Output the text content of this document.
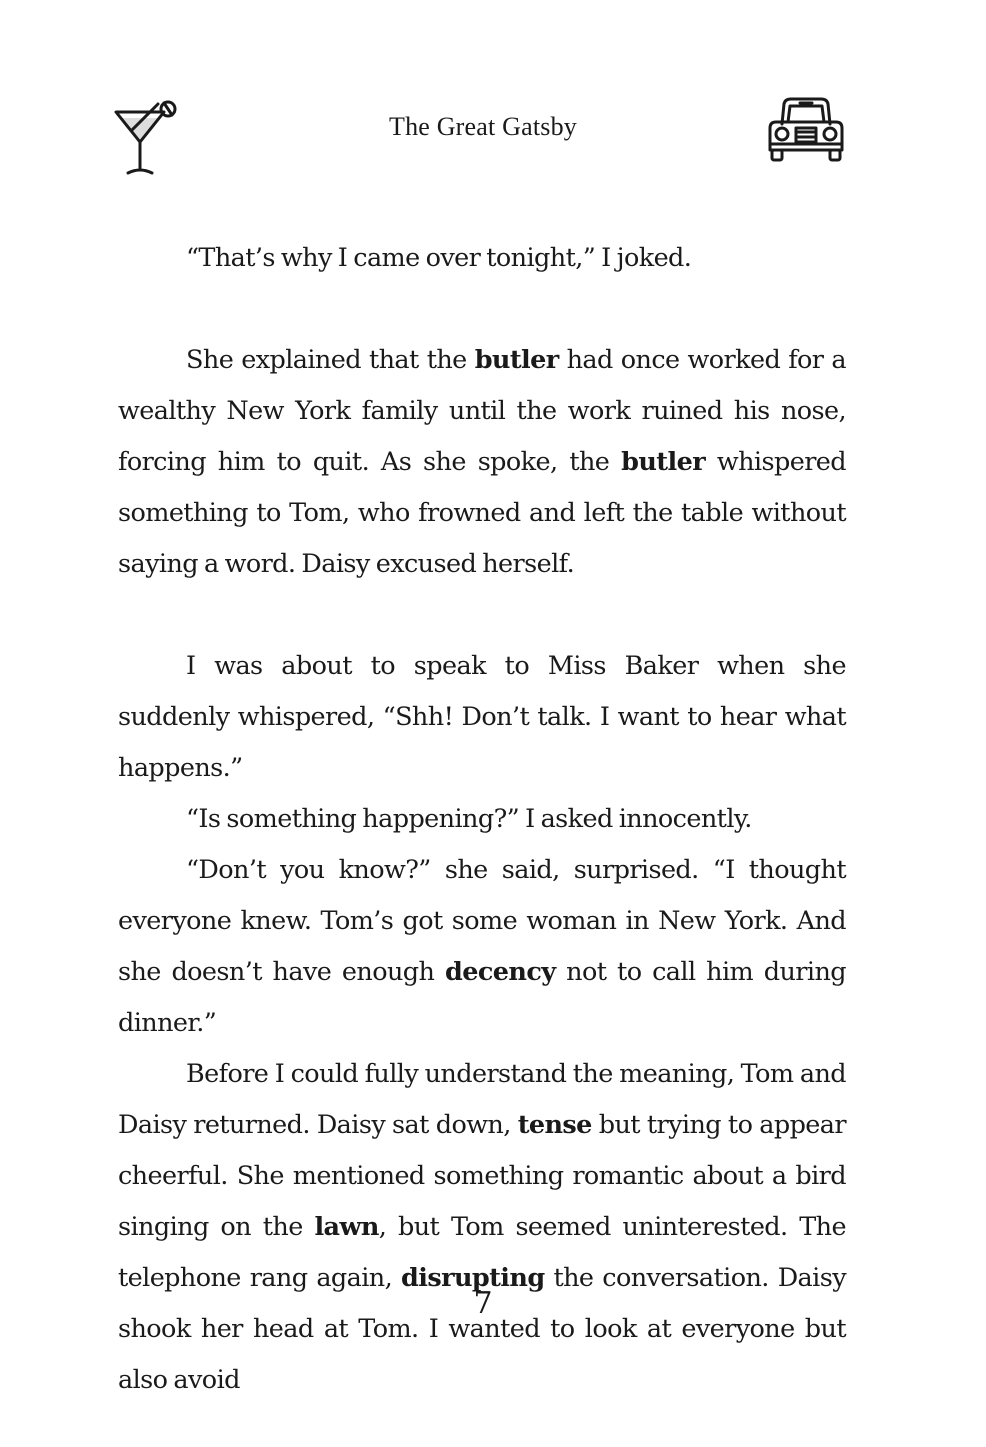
The Great Gatsby

“That’s why I came over tonight,” I joked.

She explained that the butler had once worked for a wealthy New York family until the work ruined his nose, forcing him to quit. As she spoke, the butler whispered something to Tom, who frowned and left the table without saying a word. Daisy excused herself.

I was about to speak to Miss Baker when she suddenly whispered, “Shh! Don’t talk. I want to hear what happens.”

“Is something happening?” I asked innocently.

“Don’t you know?” she said, surprised. “I thought everyone knew. Tom’s got some woman in New York. And she doesn’t have enough decency not to call him during dinner.”

Before I could fully understand the meaning, Tom and Daisy returned. Daisy sat down, tense but trying to appear cheerful. She mentioned something romantic about a bird singing on the lawn, but Tom seemed uninterested. The telephone rang again, disrupting the conversation. Daisy shook her head at Tom. I wanted to look at everyone but also avoid

7
